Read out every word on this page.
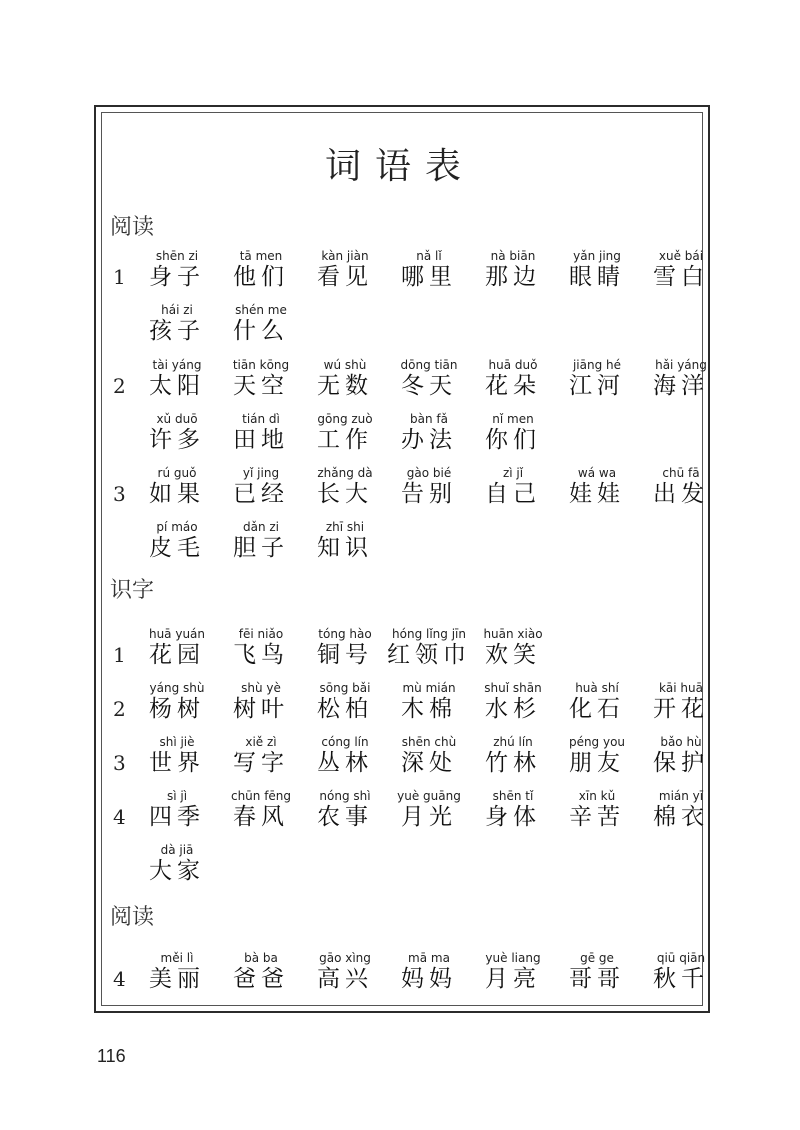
词语表
阅读
1
shēn zi
身子
tā men
他们
kàn jiàn
看见
nǎ lǐ
哪里
nà biān
那边
yǎn jing
眼睛
xuě bái
雪白
hái zi
孩子
shén me
什么
2
tài yáng
太阳
tiān kōng
天空
wú shù
无数
dōng tiān
冬天
huā duǒ
花朵
jiāng hé
江河
hǎi yáng
海洋
xǔ duō
许多
tián dì
田地
gōng zuò
工作
bàn fǎ
办法
nǐ men
你们
3
rú guǒ
如果
yǐ jing
已经
zhǎng dà
长大
gào bié
告别
zì jǐ
自己
wá wa
娃娃
chū fā
出发
pí máo
皮毛
dǎn zi
胆子
zhī shi
知识
识字
1
huā yuán
花园
fēi niǎo
飞鸟
tóng hào
铜号
hóng lǐng jīn
红领巾
huān xiào
欢笑
2
yáng shù
杨树
shù yè
树叶
sōng bǎi
松柏
mù mián
木棉
shuǐ shān
水杉
huà shí
化石
kāi huā
开花
3
shì jiè
世界
xiě zì
写字
cóng lín
丛林
shēn chù
深处
zhú lín
竹林
péng you
朋友
bǎo hù
保护
4
sì jì
四季
chūn fēng
春风
nóng shì
农事
yuè guāng
月光
shēn tǐ
身体
xīn kǔ
辛苦
mián yī
棉衣
dà jiā
大家
阅读
4
měi lì
美丽
bà ba
爸爸
gāo xìng
高兴
mā ma
妈妈
yuè liang
月亮
gē ge
哥哥
qiū qiān
秋千
116
